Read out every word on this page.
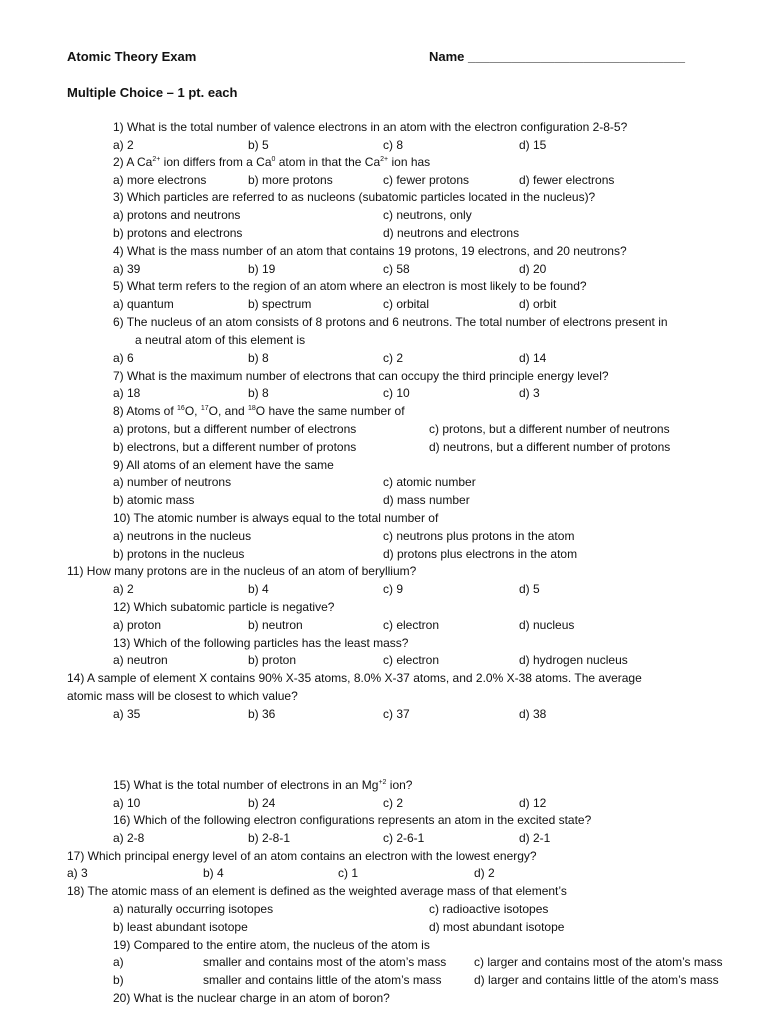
Atomic Theory Exam	Name ______________________________
Multiple Choice – 1 pt. each
1) What is the total number of valence electrons in an atom with the electron configuration 2-8-5?
a) 2	b) 5	c) 8	d) 15
2) A $Ca^{2+}$ ion differs from a Ca$^0$ atom in that the $Ca^{2+}$ ion has
a) more electrons	b) more protons	c) fewer protons	d) fewer electrons
3) Which particles are referred to as nucleons (subatomic particles located in the nucleus)?
a) protons and neutrons	c) neutrons, only
b) protons and electrons	d) neutrons and electrons
4) What is the mass number of an atom that contains 19 protons, 19 electrons, and 20 neutrons?
a) 39	b) 19	c) 58	d) 20
5) What term refers to the region of an atom where an electron is most likely to be found?
a) quantum	b) spectrum	c) orbital	d) orbit
6) The nucleus of an atom consists of 8 protons and 6 neutrons. The total number of electrons present in
a neutral atom of this element is
a) 6	b) 8	c) 2	d) 14
7) What is the maximum number of electrons that can occupy the third principle energy level?
a) 18	b) 8	c) 10	d) 3
8) Atoms of $^{16}$O, $^{17}$O, and $^{18}$O have the same number of
a) protons, but a different number of electrons	c) protons, but a different number of neutrons
b) electrons, but a different number of protons	d) neutrons, but a different number of protons
9) All atoms of an element have the same
a) number of neutrons	c) atomic number
b) atomic mass	d) mass number
10) The atomic number is always equal to the total number of
a) neutrons in the nucleus	c) neutrons plus protons in the atom
b) protons in the nucleus	d) protons plus electrons in the atom
11) How many protons are in the nucleus of an atom of beryllium?
a) 2	b) 4	c) 9	d) 5
12) Which subatomic particle is negative?
a) proton	b) neutron	c) electron	d) nucleus
13) Which of the following particles has the least mass?
a) neutron	b) proton	c) electron	d) hydrogen nucleus
14) A sample of element X contains 90% X-35 atoms, 8.0% X-37 atoms, and 2.0% X-38 atoms. The average
atomic mass will be closest to which value?
a) 35	b) 36	c) 37	d) 38
15) What is the total number of electrons in an $Mg^{+2}$ ion?
a) 10	b) 24	c) 2	d) 12
16) Which of the following electron configurations represents an atom in the excited state?
a) 2-8	b) 2-8-1	c) 2-6-1	d) 2-1
17) Which principal energy level of an atom contains an electron with the lowest energy?
a) 3	b) 4	c) 1	d) 2
18) The atomic mass of an element is defined as the weighted average mass of that element’s
a) naturally occurring isotopes	c) radioactive isotopes
b) least abundant isotope	d) most abundant isotope
19) Compared to the entire atom, the nucleus of the atom is
a)	smaller and contains most of the atom’s mass c) larger and contains most of the atom’s mass
b)	smaller and contains little of the atom’s mass	d) larger and contains little of the atom’s mass
20) What is the nuclear charge in an atom of boron?
